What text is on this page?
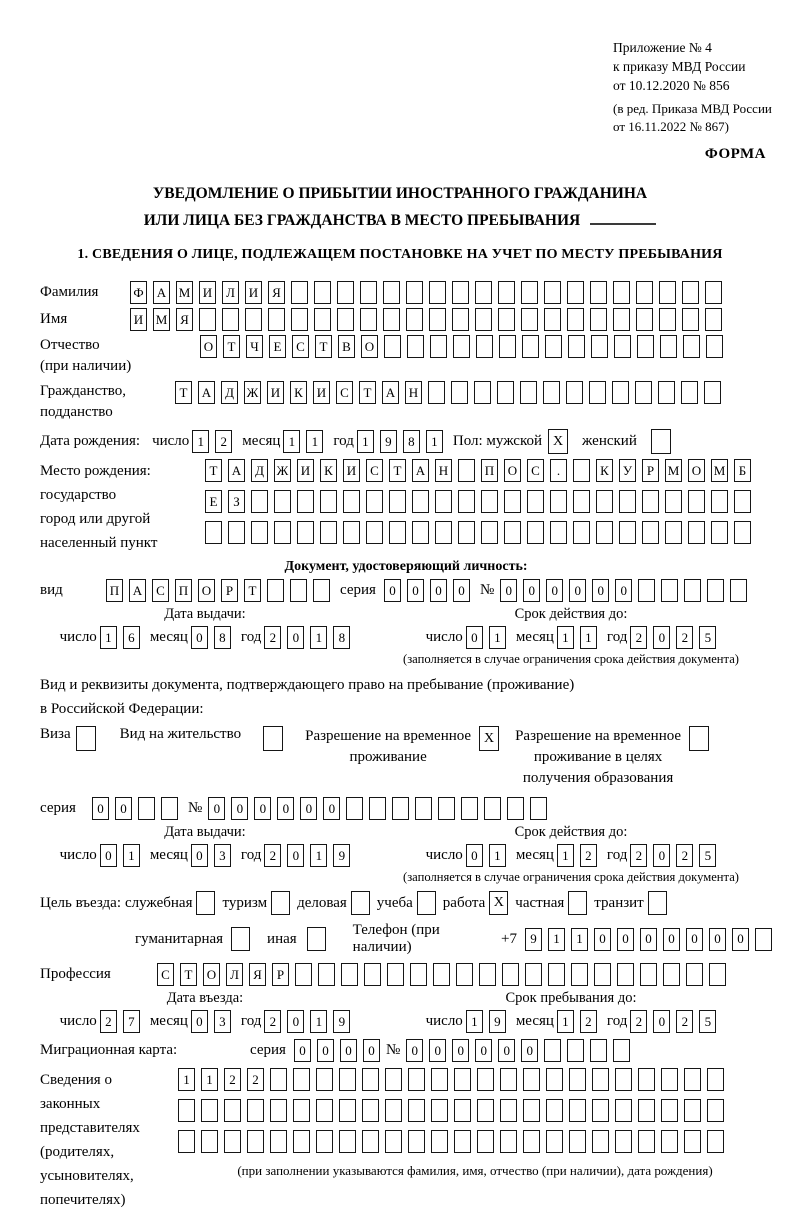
Приложение № 4
к приказу МВД России
от 10.12.2020 № 856
(в ред. Приказа МВД России
от 16.11.2022 № 867)
ФОРМА
УВЕДОМЛЕНИЕ О ПРИБЫТИИ ИНОСТРАННОГО ГРАЖДАНИНА
ИЛИ ЛИЦА БЕЗ ГРАЖДАНСТВА В МЕСТО ПРЕБЫВАНИЯ
1. СВЕДЕНИЯ О ЛИЦЕ, ПОДЛЕЖАЩЕМ ПОСТАНОВКЕ НА УЧЕТ ПО МЕСТУ ПРЕБЫВАНИЯ
Фамилия	Ф А М И	Л	И	Я
Имя	И М Я
Отчество
(при наличии)
О	Т	Ч	Е	С	Т	В	О
Гражданство,
подданство
Т	А	Д Ж И	К	И	С	Т	А Н
Дата рождения: число 1	2	месяц 1	1	год 1	9	8	1	Пол: мужской X	женский
Место рождения:
государство
город или другой
населенный пункт
Т	А	Д Ж И	К	И	С	Т	А Н	П О	С	.	К	У	Р	М О М	Б
Е	З
Документ, удостоверяющий личность:
вид	П А	С	П О	Р	Т	серия	0	0	0	0	№ 0	0	0	0	0	0
Дата выдачи:
число 1	6	месяц 0	8	год 2	0	1	8
Срок действия до:
число 0	1	месяц 1	1	год 2	0	2	5
(заполняется в случае ограничения срока действия документа)
Вид и реквизиты документа, подтверждающего право на пребывание (проживание)
в Российской Федерации:
Виза	Вид на жительство	Разрешение на временное
проживание
X	Разрешение на временное
проживание в целях
получения образования
серия	0	0	№ 0	0	0	0	0	0
Дата выдачи:
число 0	1	месяц 0	3	год 2	0	1	9
Срок действия до:
число 0	1	месяц 1	2	год 2	0	2	5
(заполняется в случае ограничения срока действия документа)
Цель въезда: служебная туризм деловая учеба работа X частная транзит
гуманитарная	иная
Телефон (при наличии)
+7	9	1	1	0	0	0	0	0	0	0
Профессия	С	Т	О	Л	Я	Р
Дата въезда:
число 2	7	месяц 0	3	год 2	0	1	9
Срок пребывания до:
число 1	9	месяц 1	2	год 2	0	2	5
Миграционная карта:	серия	0	0	0	0 № 0	0	0	0	0	0
Сведения о
законных
представителях
(родителях,
усыновителях,
попечителях)
1	1	2	2
(при заполнении указываются фамилия, имя, отчество (при наличии), дата рождения)
